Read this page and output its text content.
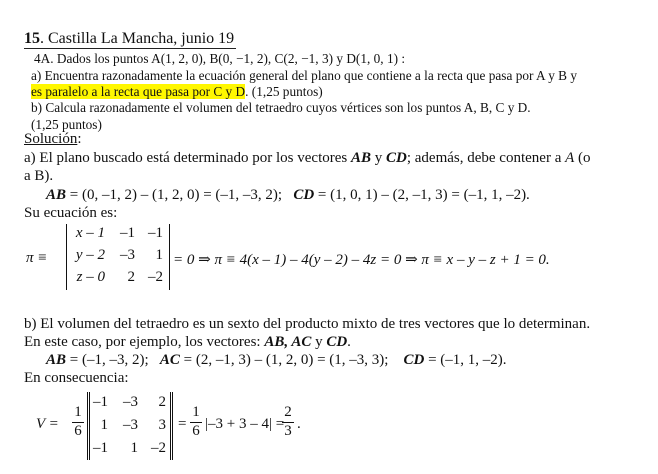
15. Castilla La Mancha, junio 19
4A. Dados los puntos A(1, 2, 0), B(0, −1, 2), C(2, −1, 3) y D(1, 0, 1) :
a) Encuentra razonadamente la ecuación general del plano que contiene a la recta que pasa por A y B y
es paralelo a la recta que pasa por C y D. (1,25 puntos)
b) Calcula razonadamente el volumen del tetraedro cuyos vértices son los puntos A, B, C y D.
(1,25 puntos)
Solución:
a) El plano buscado está determinado por los vectores AB y CD; además, debe contener a A (o
a B).
AB = (0, –1, 2) – (1, 2, 0) = (–1, –3, 2); CD = (1, 0, 1) – (2, –1, 3) = (–1, 1, –2).
Su ecuación es:
π ≡
x – 1	–1 –1
y – 2	–3	1
z – 0	2 –2
= 0 ⇒ π ≡ 4(x – 1) – 4(y – 2) – 4z = 0 ⇒ π ≡ x – y – z + 1 = 0.
b) El volumen del tetraedro es un sexto del producto mixto de tres vectores que lo determinan.
En este caso, por ejemplo, los vectores: AB, AC y CD.
AB = (–1, –3, 2); AC = (2, –1, 3) – (1, 2, 0) = (1, –3, 3); CD = (–1, 1, –2).
En consecuencia:
$V = \frac{1}{6}$
–1	–3	2
1	–3	3
–1	1 –2
= $\frac{1}{6} |-3 + 3 - 4|$ =
$\frac{2}{3}$ .
